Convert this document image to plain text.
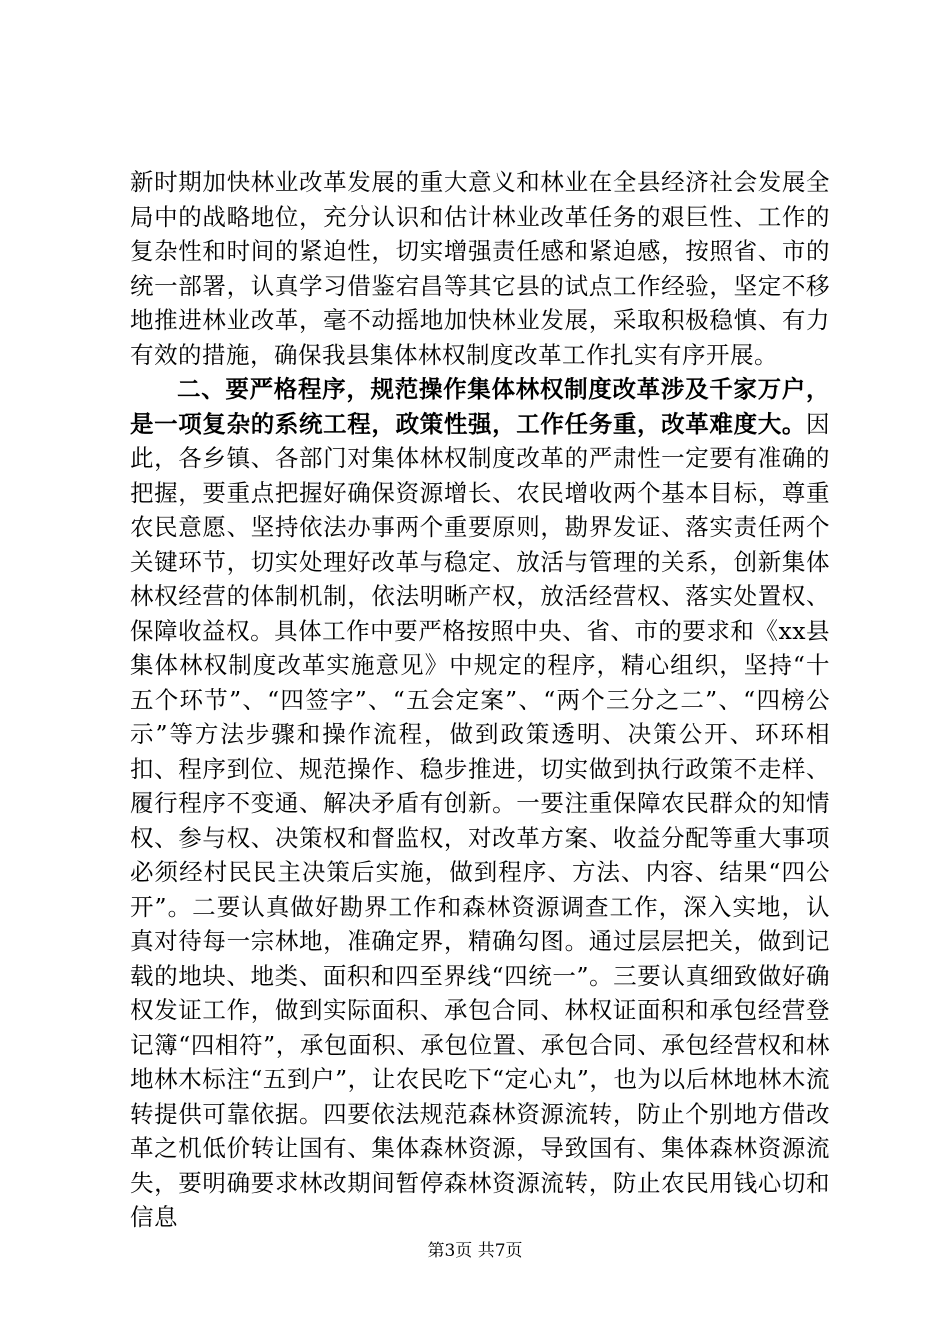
新时期加快林业改革发展的重大意义和林业在全县经济社会发展全局中的战略地位，充分认识和估计林业改革任务的艰巨性、工作的复杂性和时间的紧迫性，切实增强责任感和紧迫感，按照省、市的统一部署，认真学习借鉴宕昌等其它县的试点工作经验，坚定不移地推进林业改革，毫不动摇地加快林业发展，采取积极稳慎、有力有效的措施，确保我县集体林权制度改革工作扎实有序开展。

二、要严格程序，规范操作集体林权制度改革涉及千家万户，是一项复杂的系统工程，政策性强，工作任务重，改革难度大。因此，各乡镇、各部门对集体林权制度改革的严肃性一定要有准确的把握，要重点把握好确保资源增长、农民增收两个基本目标，尊重农民意愿、坚持依法办事两个重要原则，勘界发证、落实责任两个关键环节，切实处理好改革与稳定、放活与管理的关系，创新集体林权经营的体制机制，依法明晰产权，放活经营权、落实处置权、保障收益权。具体工作中要严格按照中央、省、市的要求和《xx县集体林权制度改革实施意见》中规定的程序，精心组织，坚持“十五个环节”、“四签字”、“五会定案”、“两个三分之二”、“四榜公示”等方法步骤和操作流程，做到政策透明、决策公开、环环相扣、程序到位、规范操作、稳步推进，切实做到执行政策不走样、履行程序不变通、解决矛盾有创新。一要注重保障农民群众的知情权、参与权、决策权和督监权，对改革方案、收益分配等重大事项必须经村民民主决策后实施，做到程序、方法、内容、结果“四公开”。二要认真做好勘界工作和森林资源调查工作，深入实地，认真对待每一宗林地，准确定界，精确勾图。通过层层把关，做到记载的地块、地类、面积和四至界线“四统一”。三要认真细致做好确权发证工作，做到实际面积、承包合同、林权证面积和承包经营登记簿“四相符”，承包面积、承包位置、承包合同、承包经营权和林地林木标注“五到户”，让农民吃下“定心丸”，也为以后林地林木流转提供可靠依据。四要依法规范森林资源流转，防止个别地方借改革之机低价转让国有、集体森林资源，导致国有、集体森林资源流失，要明确要求林改期间暂停森林资源流转，防止农民用钱心切和信息

第3页 共7页
